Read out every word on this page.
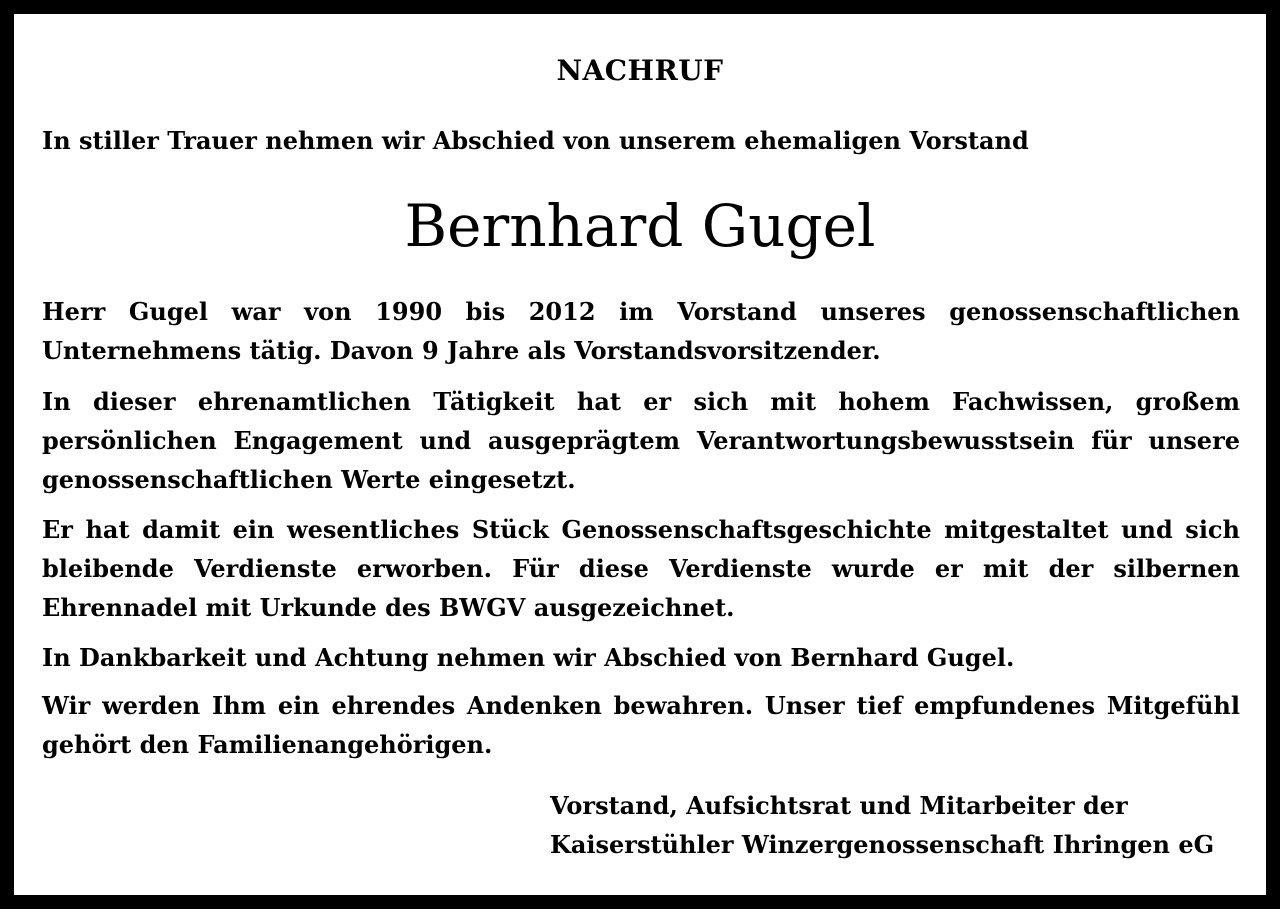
NACHRUF
In stiller Trauer nehmen wir Abschied von unserem ehemaligen Vorstand
Bernhard Gugel

Herr Gugel war von 1990 bis 2012 im Vorstand unseres genossenschaftlichen Unternehmens tätig. Davon 9 Jahre als Vorstandsvorsitzender.

In dieser ehrenamtlichen Tätigkeit hat er sich mit hohem Fachwissen, großem persönlichen Engagement und ausgeprägtem Verantwortungsbewusstsein für unsere genossenschaftlichen Werte eingesetzt.

Er hat damit ein wesentliches Stück Genossenschaftsgeschichte mitgestaltet und sich bleibende Verdienste erworben. Für diese Verdienste wurde er mit der silbernen Ehrennadel mit Urkunde des BWGV ausgezeichnet.

In Dankbarkeit und Achtung nehmen wir Abschied von Bernhard Gugel.

Wir werden Ihm ein ehrendes Andenken bewahren. Unser tief empfundenes Mitgefühl gehört den Familienangehörigen.

Vorstand, Aufsichtsrat und Mitarbeiter der
Kaiserstühler Winzergenossenschaft Ihringen eG
